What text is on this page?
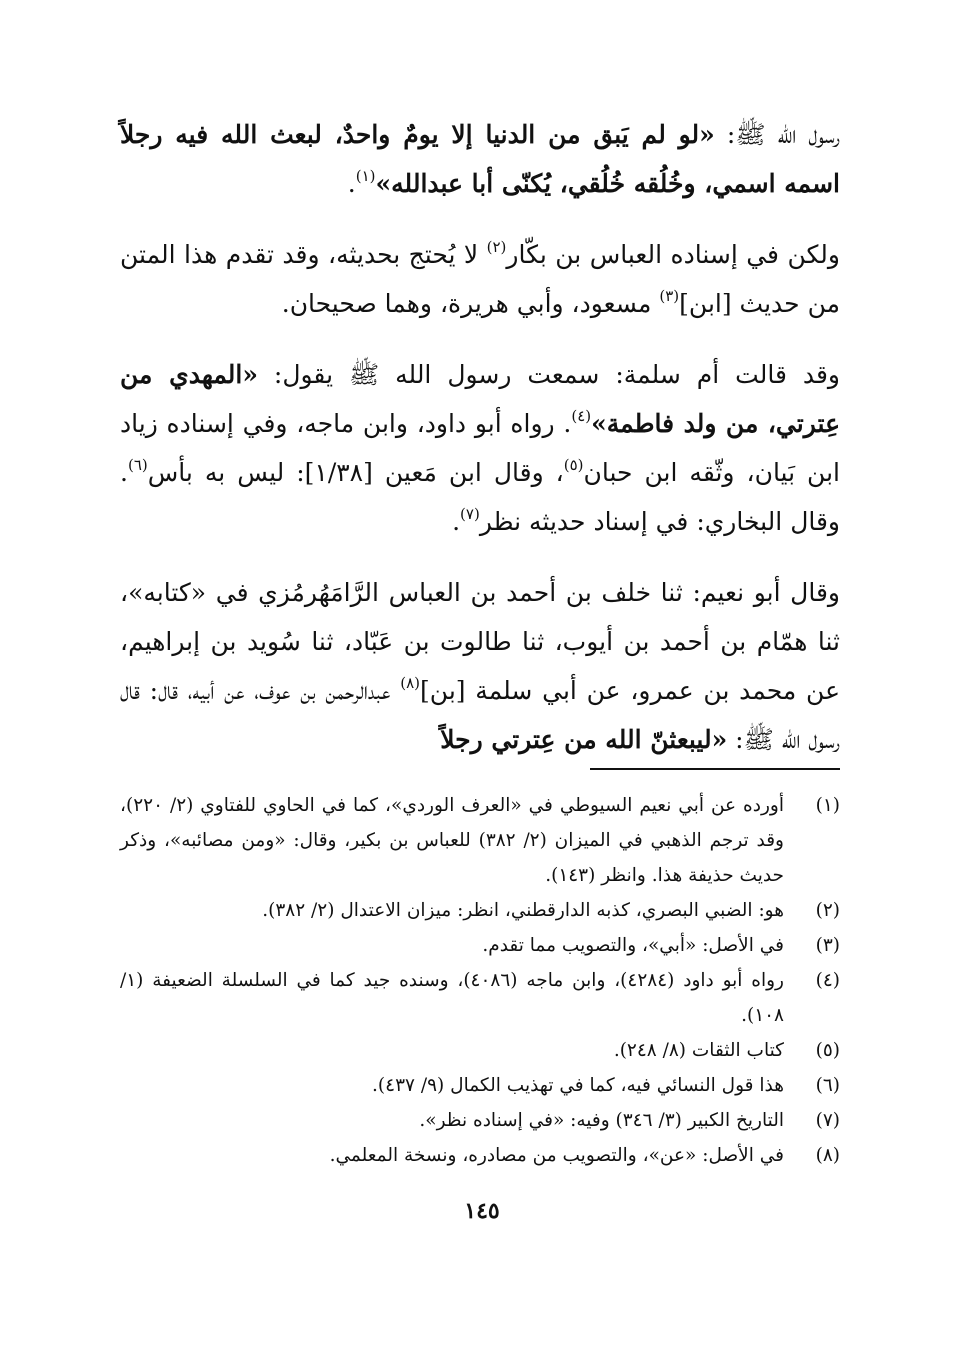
رسول الله ﷺ: «لو لم يَبق من الدنيا إلا يومٌ واحدٌ، لبعث الله فيه رجلاً اسمه اسمي، وخُلُقه خُلُقي، يُكنّى أبا عبدالله»$^{(١)}$.

ولكن في إسناده العباس بن بكّار$^{(٢)}$ لا يُحتج بحديثه، وقد تقدم هذا المتن من حديث [ابن]$^{(٣)}$ مسعود، وأبي هريرة، وهما صحيحان.

وقد قالت أم سلمة: سمعت رسول الله ﷺ يقول: «المهدي من عِترتي، من ولد فاطمة»$^{(٤)}$. رواه أبو داود، وابن ماجه، وفي إسناده زياد ابن بَيان، وثّقه ابن حبان$^{(٥)}$، وقال ابن مَعين [١/٣٨]: ليس به بأس$^{(٦)}$. وقال البخاري: في إسناد حديثه نظر$^{(٧)}$.

وقال أبو نعيم: ثنا خلف بن أحمد بن العباس الرَّامَهُرمُزي في «كتابه»، ثنا همّام بن أحمد بن أيوب، ثنا طالوت بن عَبّاد، ثنا سُويد بن إبراهيم، عن محمد بن عمرو، عن أبي سلمة [بن]$^{(٨)}$ عبدالرحمن بن عوف، عن أبيه، قال: قال رسول الله ﷺ: «ليبعثنّ الله من عِترتي رجلاً

(١)
أورده عن أبي نعيم السيوطي في «العرف الوردي»، كما في الحاوي للفتاوي (٢/ ٢٢٠)، وقد ترجم الذهبي في الميزان (٢/ ٣٨٢) للعباس بن بكير، وقال: «ومن مصائبه»، وذكر حديث حذيفة هذا. وانظر (١٤٣).
(٢)
هو: الضبي البصري، كذبه الدارقطني، انظر: ميزان الاعتدال (٢/ ٣٨٢).
(٣)
في الأصل: «أبي»، والتصويب مما تقدم.
(٤)
رواه أبو داود (٤٢٨٤)، وابن ماجه (٤٠٨٦)، وسنده جيد كما في السلسلة الضعيفة (١/ ١٠٨).
(٥)
كتاب الثقات (٨/ ٢٤٨).
(٦)
هذا قول النسائي فيه، كما في تهذيب الكمال (٩/ ٤٣٧).
(٧)
التاريخ الكبير (٣/ ٣٤٦) وفيه: «في إسناده نظر».
(٨)
في الأصل: «عن»، والتصويب من مصادره، ونسخة المعلمي.
١٤٥
